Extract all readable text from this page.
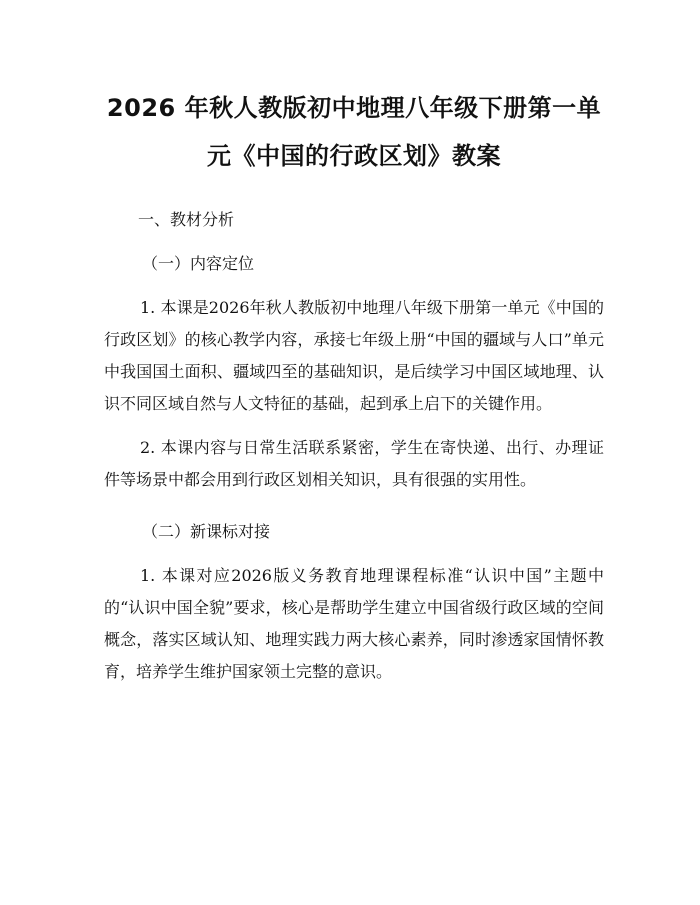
2026 年秋人教版初中地理八年级下册第一单
元《中国的行政区划》教案

一、教材分析

（一）内容定位

1. 本课是2026年秋人教版初中地理八年级下册第一单元《中国的行政区划》的核心教学内容，承接七年级上册“中国的疆域与人口”单元中我国国土面积、疆域四至的基础知识，是后续学习中国区域地理、认识不同区域自然与人文特征的基础，起到承上启下的关键作用。

2. 本课内容与日常生活联系紧密，学生在寄快递、出行、办理证件等场景中都会用到行政区划相关知识，具有很强的实用性。

（二）新课标对接

1. 本课对应2026版义务教育地理课程标准“认识中国”主题中的“认识中国全貌”要求，核心是帮助学生建立中国省级行政区域的空间概念，落实区域认知、地理实践力两大核心素养，同时渗透家国情怀教育，培养学生维护国家领土完整的意识。
